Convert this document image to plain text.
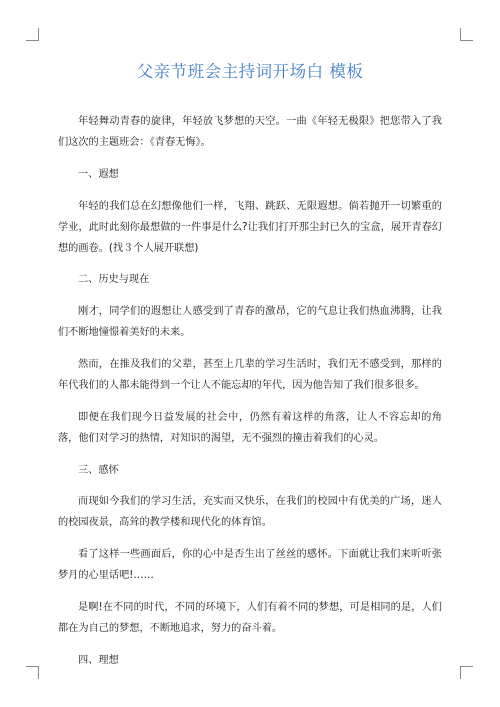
父亲节班会主持词开场白 模板

年轻舞动青春的旋律，年轻放飞梦想的天空。一曲《年轻无极限》把您带入了我们这次的主题班会：《青春无悔》。

一、遐想

年轻的我们总在幻想像他们一样，飞翔、跳跃、无限遐想。倘若抛开一切繁重的学业，此时此刻你最想做的一件事是什么?让我们打开那尘封已久的宝盒，展开青春幻想的画卷。(找３个人展开联想)

二、历史与现在

刚才，同学们的遐想让人感受到了青春的激昂，它的气息让我们热血沸腾，让我们不断地憧憬着美好的未来。

然而，在推及我们的父辈，甚至上几辈的学习生活时，我们无不感受到，那样的年代我们的人都未能得到一个让人不能忘却的年代，因为他告知了我们很多很多。

即便在我们现今日益发展的社会中，仍然有着这样的角落，让人不容忘却的角落，他们对学习的热情，对知识的渴望，无不强烈的撞击着我们的心灵。

三、感怀

而现如今我们的学习生活，充实而又快乐，在我们的校园中有优美的广场，迷人的校园夜景，高耸的教学楼和现代化的体育馆。

看了这样一些画面后，你的心中是否生出了丝丝的感怀。下面就让我们来听听张梦月的心里话吧!……

是啊!在不同的时代，不同的环境下，人们有着不同的梦想，可是相同的是，人们都在为自己的梦想，不断地追求，努力的奋斗着。

四、理想
